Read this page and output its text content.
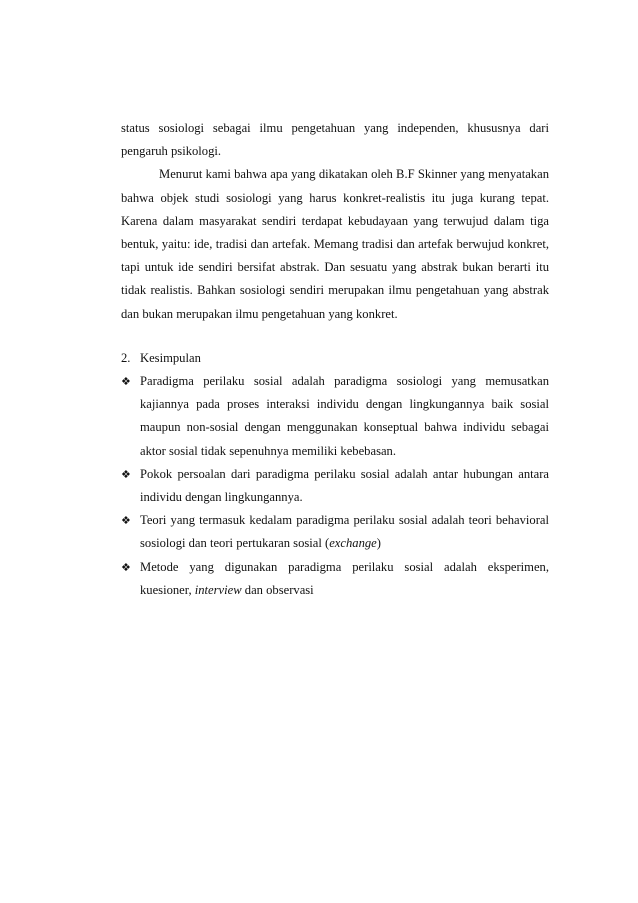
status sosiologi sebagai ilmu pengetahuan yang independen, khususnya dari pengaruh psikologi.

Menurut kami bahwa apa yang dikatakan oleh B.F Skinner yang menyatakan bahwa objek studi sosiologi yang harus konkret-realistis itu juga kurang tepat. Karena dalam masyarakat sendiri terdapat kebudayaan yang terwujud dalam tiga bentuk, yaitu: ide, tradisi dan artefak. Memang tradisi dan artefak berwujud konkret, tapi untuk ide sendiri bersifat abstrak. Dan sesuatu yang abstrak bukan berarti itu tidak realistis. Bahkan sosiologi sendiri merupakan ilmu pengetahuan yang abstrak dan bukan merupakan ilmu pengetahuan yang konkret.

2. Kesimpulan
❖ Paradigma perilaku sosial adalah paradigma sosiologi yang memusatkan kajiannya pada proses interaksi individu dengan lingkungannya baik sosial maupun non-sosial dengan menggunakan konseptual bahwa individu sebagai aktor sosial tidak sepenuhnya memiliki kebebasan.
❖ Pokok persoalan dari paradigma perilaku sosial adalah antar hubungan antara individu dengan lingkungannya.
❖ Teori yang termasuk kedalam paradigma perilaku sosial adalah teori behavioral sosiologi dan teori pertukaran sosial (exchange)
❖ Metode yang digunakan paradigma perilaku sosial adalah eksperimen, kuesioner, interview dan observasi
